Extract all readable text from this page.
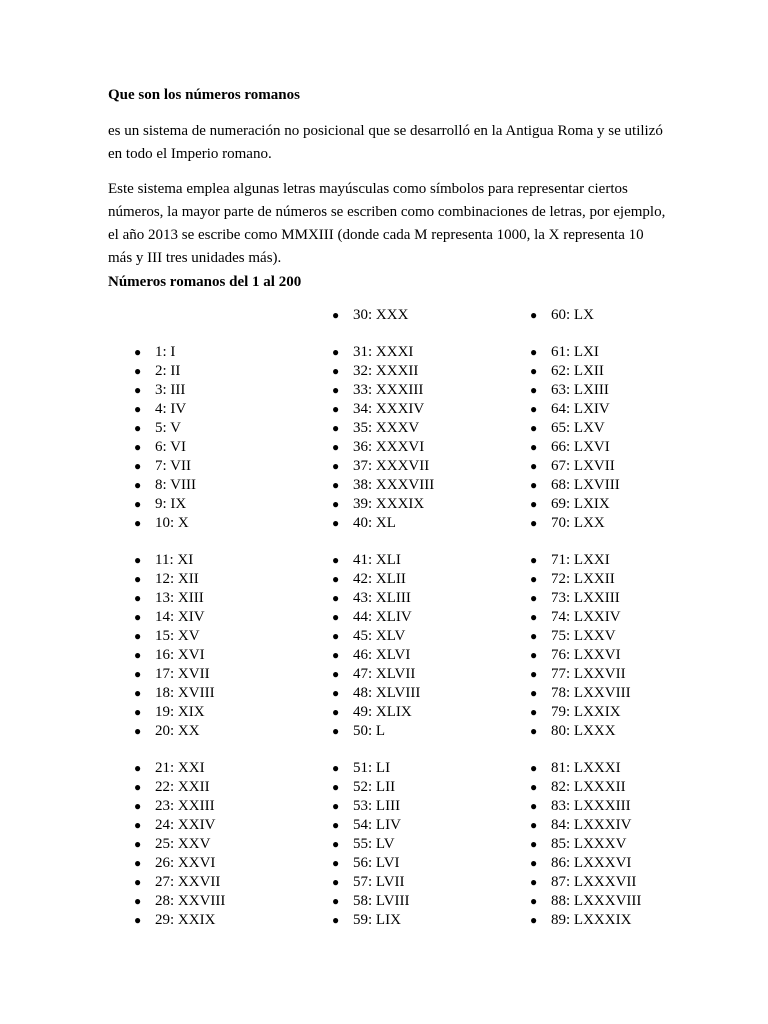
Que son los números romanos

es un sistema de numeración no posicional que se desarrolló en la Antigua Roma y se utilizó en todo el Imperio romano.

Este sistema emplea algunas letras mayúsculas como símbolos para representar ciertos números, la mayor parte de números se escriben como combinaciones de letras, por ejemplo, el año 2013 se escribe como MMXIII (donde cada M representa 1000, la X representa 10 más y III tres unidades más).

Números romanos del 1 al 200
● 1: I
● 2: II
● 3: III
● 4: IV
● 5: V
● 6: VI
● 7: VII
● 8: VIII
● 9: IX
● 10: X
● 11: XI
● 12: XII
● 13: XIII
● 14: XIV
● 15: XV
● 16: XVI
● 17: XVII
● 18: XVIII
● 19: XIX
● 20: XX
● 21: XXI
● 22: XXII
● 23: XXIII
● 24: XXIV
● 25: XXV
● 26: XXVI
● 27: XXVII
● 28: XXVIII
● 29: XXIX
● 30: XXX
● 31: XXXI
● 32: XXXII
● 33: XXXIII
● 34: XXXIV
● 35: XXXV
● 36: XXXVI
● 37: XXXVII
● 38: XXXVIII
● 39: XXXIX
● 40: XL
● 41: XLI
● 42: XLII
● 43: XLIII
● 44: XLIV
● 45: XLV
● 46: XLVI
● 47: XLVII
● 48: XLVIII
● 49: XLIX
● 50: L
● 51: LI
● 52: LII
● 53: LIII
● 54: LIV
● 55: LV
● 56: LVI
● 57: LVII
● 58: LVIII
● 59: LIX
● 60: LX
● 61: LXI
● 62: LXII
● 63: LXIII
● 64: LXIV
● 65: LXV
● 66: LXVI
● 67: LXVII
● 68: LXVIII
● 69: LXIX
● 70: LXX
● 71: LXXI
● 72: LXXII
● 73: LXXIII
● 74: LXXIV
● 75: LXXV
● 76: LXXVI
● 77: LXXVII
● 78: LXXVIII
● 79: LXXIX
● 80: LXXX
● 81: LXXXI
● 82: LXXXII
● 83: LXXXIII
● 84: LXXXIV
● 85: LXXXV
● 86: LXXXVI
● 87: LXXXVII
● 88: LXXXVIII
● 89: LXXXIX
